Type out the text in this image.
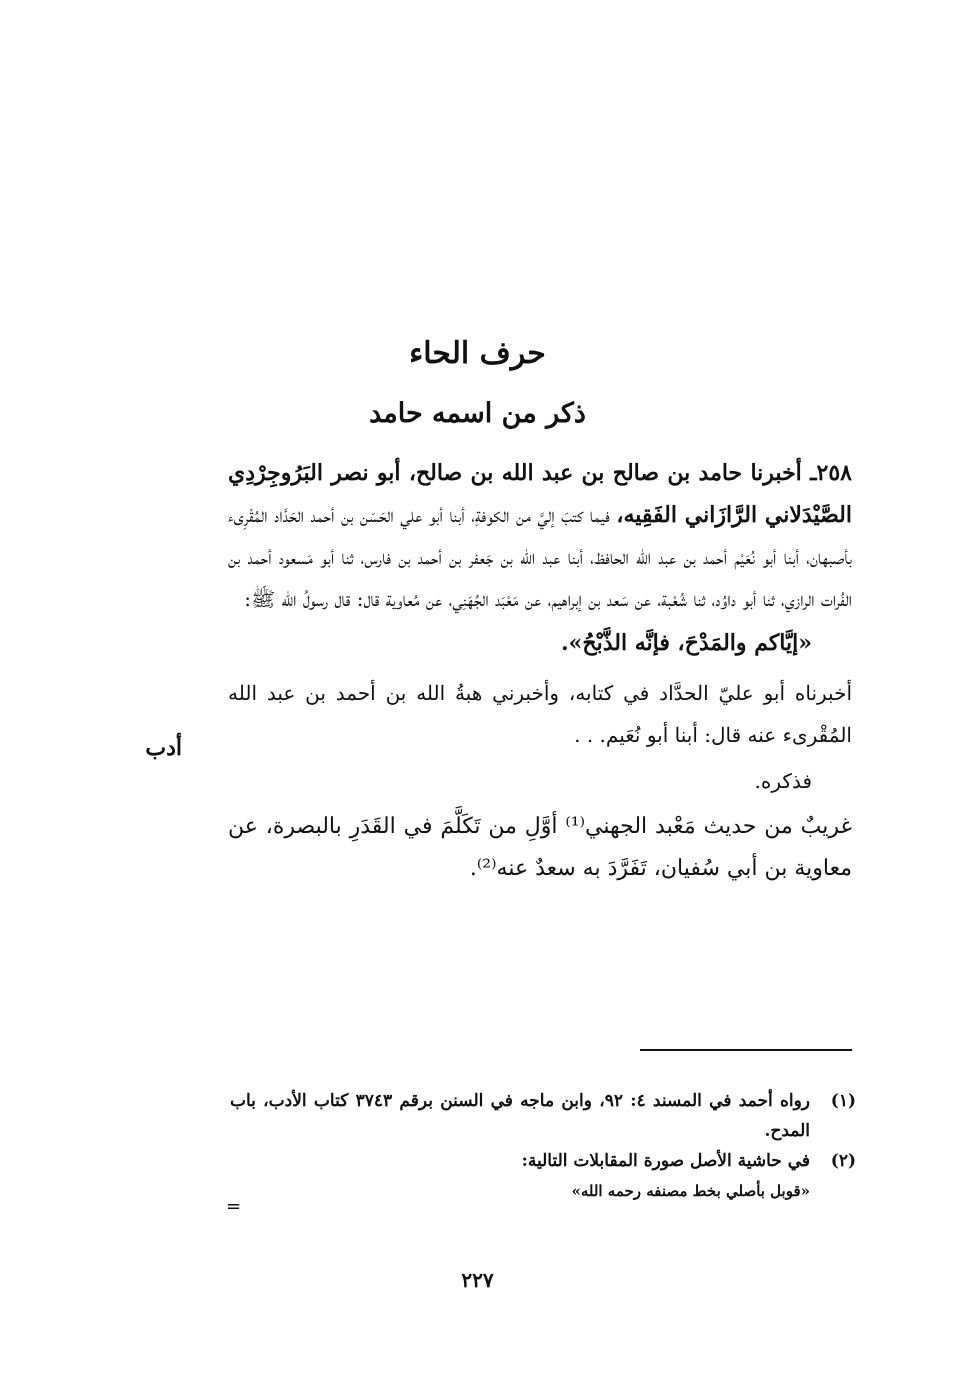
حرف الحاء
ذكر من اسمه حامد

٢٥٨ـ أخبرنا حامد بن صالح بن عبد الله بن صالح، أبو نصر البَرُوجِرْدِي الصَّيْدَلاني الرَّازَاني الفَقِيه، فيما كتبَ إليَّ من الكوفةِ، أبنا أبو علي الحَسَن بن أحمد الحَدَّاد المُقْرِىء بأصبهان، أبنا أبو نُعَيْم أحمد بن عبد الله الحافظ، أبنا عبد الله بن جَعفر بن أحمد بن فارس، ثنا أبو مَسعود أحمد بن الفُرات الرازي، ثنا أبو داوُد، ثنا شُعْبة، عن سَعد بن إبراهيم، عن مَعْبَد الجُهَنِي، عن مُعاوية قال: قال رسولُ الله ﷺ:

«إيَّاكم والمَدْحَ، فإنَّه الذَّبْحُ».

أخبرناه أبو عليّ الحدَّاد في كتابه، وأخبرني هبةُ الله بن أحمد بن عبد الله المُقْرىء عنه قال: أبنا أبو نُعَيم. . .

فذكره.

غريبٌ من حديث مَعْبد الجهني⁽¹⁾ أوَّلِ من تَكَلَّمَ في القَدَرِ بالبصرة، عن معاوية بن أبي سُفيان، تَفَرَّدَ به سعدٌ عنه⁽²⁾.

أدب
(١)
رواه أحمد في المسند ٤: ٩٢، وابن ماجه في السنن برقم ٣٧٤٣ كتاب الأدب، باب المدح.
(٢)
في حاشية الأصل صورة المقابلات التالية:
«قوبل بأصلي بخط مصنفه رحمه الله»
=
٢٢٧
